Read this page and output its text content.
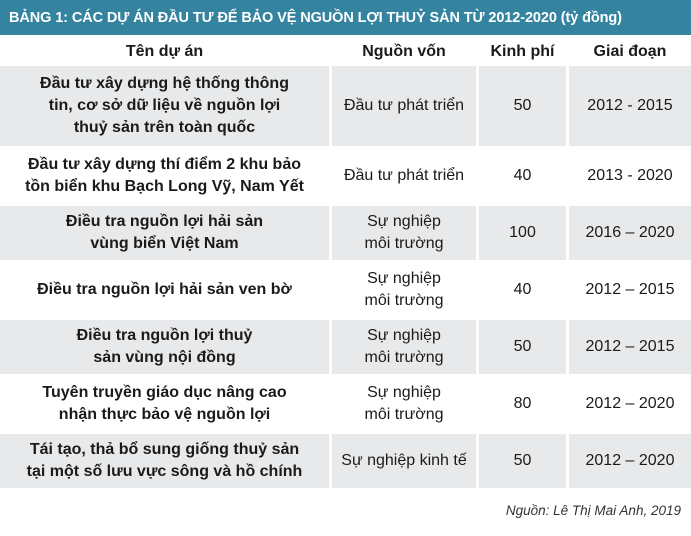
BẢNG 1: CÁC DỰ ÁN ĐẦU TƯ ĐỂ BẢO VỆ NGUỒN LỢI THUỶ SẢN TỪ 2012-2020 (tỷ đồng)
Tên dự án	Nguồn vốn	Kinh phí	Giai đoạn
Đầu tư xây dựng hệ thống thông tin, cơ sở dữ liệu về nguồn lợi thuỷ sản trên toàn quốc	Đầu tư phát triển	50	2012 - 2015
Đầu tư xây dựng thí điểm 2 khu bảo tồn biển khu Bạch Long Vỹ, Nam Yết	Đầu tư phát triển	40	2013 - 2020
Điều tra nguồn lợi hải sản vùng biển Việt Nam	Sự nghiệp môi trường	100	2016 – 2020
Điều tra nguồn lợi hải sản ven bờ	Sự nghiệp môi trường	40	2012 – 2015
Điều tra nguồn lợi thuỷ sản vùng nội đồng	Sự nghiệp môi trường	50	2012 – 2015
Tuyên truyền giáo dục nâng cao nhận thực bảo vệ nguồn lợi	Sự nghiệp môi trường	80	2012 – 2020
Tái tạo, thả bổ sung giống thuỷ sản tại một số lưu vực sông và hồ chính	Sự nghiệp kinh tế	50	2012 – 2020
Nguồn: Lê Thị Mai Anh, 2019
